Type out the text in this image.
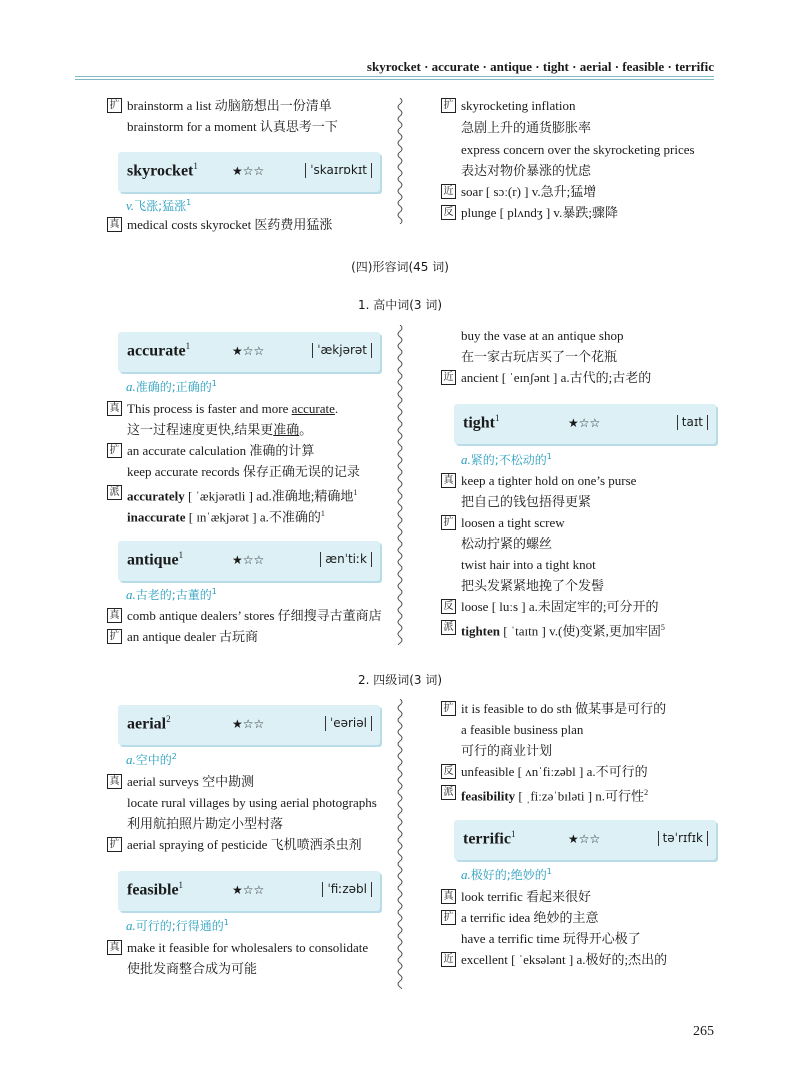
skyrocket · accurate · antique · tight · aerial · feasible · terrific
扩 brainstorm a list 动脑筋想出一份清单
brainstorm for a moment 认真思考一下
skyrocket$^1$	★☆☆	ˈskaɪrɒkɪt
v.飞涨;猛涨$^1$
真 medical costs skyrocket 医药费用猛涨
扩 skyrocketing inflation
急剧上升的通货膨胀率
express concern over the skyrocketing prices
表达对物价暴涨的忧虑
近 soar [ sɔː(r) ] v.急升;猛增
反 plunge [ plʌndʒ ] v.暴跌;骤降
(四)形容词(45 词)
1. 高中词(3 词)
accurate$^1$	★☆☆	ˈækjərət
a.准确的;正确的$^1$
真 This process is faster and more accurate.
这一过程速度更快,结果更准确。
扩 an accurate calculation 准确的计算
keep accurate records 保存正确无误的记录
派 accurately [ ˈækjərətli ] ad.准确地;精确地$^1$
inaccurate [ ɪnˈækjərət ] a.不准确的$^1$
antique$^1$	★☆☆	ænˈtiːk
a.古老的;古董的$^1$
真 comb antique dealers’ stores 仔细搜寻古董商店
扩 an antique dealer 古玩商
buy the vase at an antique shop
在一家古玩店买了一个花瓶
近 ancient [ ˈeɪnʃənt ] a.古代的;古老的
tight$^1$	★☆☆	taɪt
a.紧的;不松动的$^1$
真 keep a tighter hold on one’s purse
把自己的钱包捂得更紧
扩 loosen a tight screw
松动拧紧的螺丝
twist hair into a tight knot
把头发紧紧地挽了个发髻
反 loose [ luːs ] a.未固定牢的;可分开的
派 tighten [ ˈtaɪtn ] v.(使)变紧,更加牢固$^5$
2. 四级词(3 词)
aerial$^2$	★☆☆	ˈeəriəl
a.空中的$^2$
真 aerial surveys 空中勘测
locate rural villages by using aerial photographs
利用航拍照片勘定小型村落
扩 aerial spraying of pesticide 飞机喷洒杀虫剂
feasible$^1$	★☆☆	ˈfiːzəbl
a.可行的;行得通的$^1$
真 make it feasible for wholesalers to consolidate
使批发商整合成为可能
扩 it is feasible to do sth 做某事是可行的
a feasible business plan
可行的商业计划
反 unfeasible [ ʌnˈfiːzəbl ] a.不可行的
派 feasibility [ ˌfiːzəˈbɪləti ] n.可行性$^2$
terrific$^1$	★☆☆	təˈrɪfɪk
a.极好的;绝妙的$^1$
真 look terrific 看起来很好
扩 a terrific idea 绝妙的主意
have a terrific time 玩得开心极了
近 excellent [ ˈeksələnt ] a.极好的;杰出的
265
